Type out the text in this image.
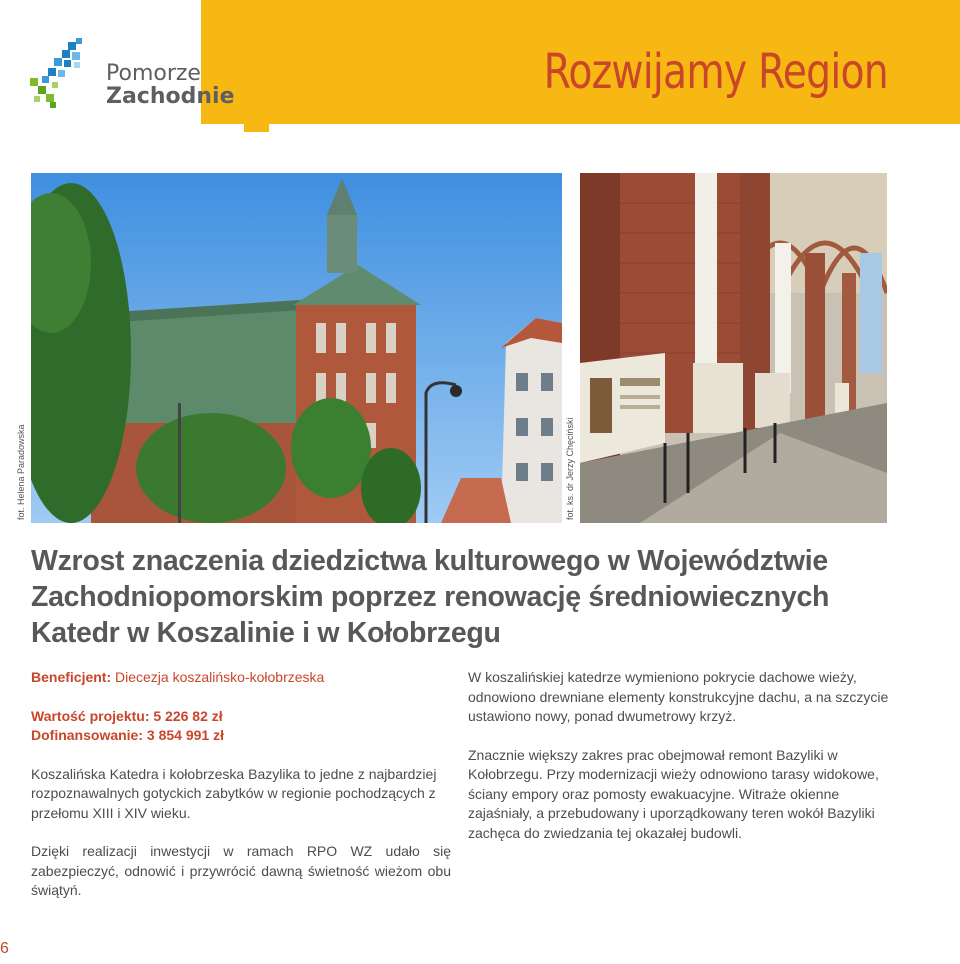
Rozwijamy Region

Pomorze

Zachodnie

fot. Helena Paradowska	fot. ks. dr Jerzy Chęciński
Wzrost znaczenia dziedzictwa kulturowego w Województwie Zachodniopomorskim poprzez renowację średniowiecznych Katedr w Koszalinie i w Kołobrzegu

Beneficjent: Diecezja koszalińsko-kołobrzeska

Wartość projektu: 5 226 82 zł

Dofinansowanie: 3 854 991 zł

Koszalińska Katedra i kołobrzeska Bazylika to jedne z najbardziej rozpoznawalnych gotyckich zabytków w regionie pochodzących z przełomu XIII i XIV wieku.

Dzięki realizacji inwestycji w ramach RPO WZ udało się zabezpieczyć, odnowić i przywrócić dawną świetność wieżom obu świątyń.

W koszalińskiej katedrze wymieniono pokrycie dachowe wieży, odnowiono drewniane elementy konstrukcyjne dachu, a na szczycie ustawiono nowy, ponad dwumetrowy krzyż.

Znacznie większy zakres prac obejmował remont Bazyliki w Kołobrzegu. Przy modernizacji wieży odnowiono tarasy widokowe, ściany empory oraz pomosty ewakuacyjne. Witraże okienne zajaśniały, a przebudowany i uporządkowany teren wokół Bazyliki zachęca do zwiedzania tej okazałej budowli.

6
